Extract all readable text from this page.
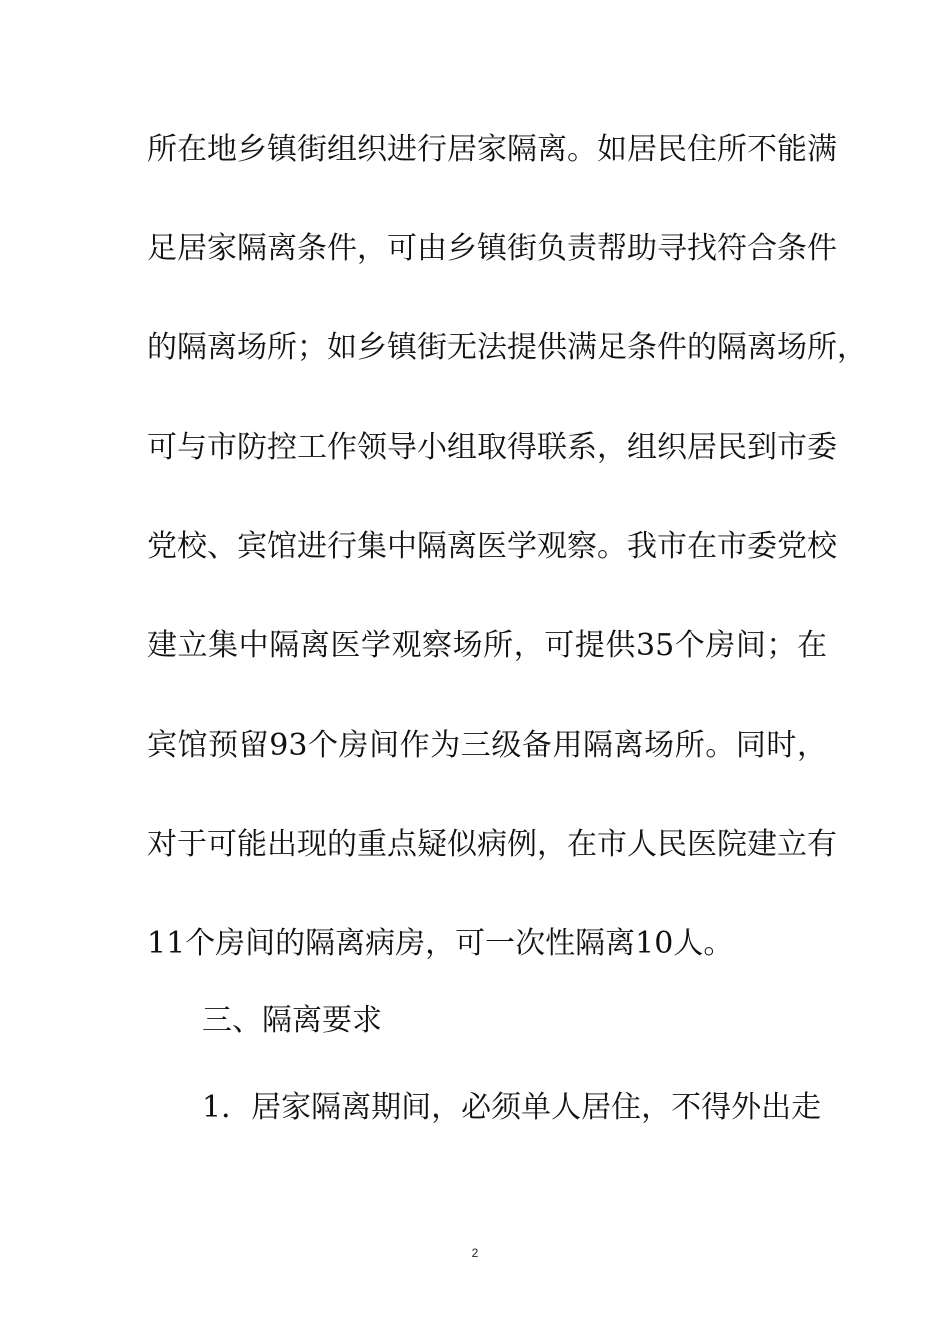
所在地乡镇街组织进行居家隔离。如居民住所不能满
足居家隔离条件，可由乡镇街负责帮助寻找符合条件
的隔离场所；如乡镇街无法提供满足条件的隔离场所，
可与市防控工作领导小组取得联系，组织居民到市委
党校、宾馆进行集中隔离医学观察。我市在市委党校
建立集中隔离医学观察场所，可提供35个房间；在
宾馆预留93个房间作为三级备用隔离场所。同时，
对于可能出现的重点疑似病例，在市人民医院建立有
11个房间的隔离病房，可一次性隔离10人。
三、隔离要求
1．居家隔离期间，必须单人居住，不得外出走
2
